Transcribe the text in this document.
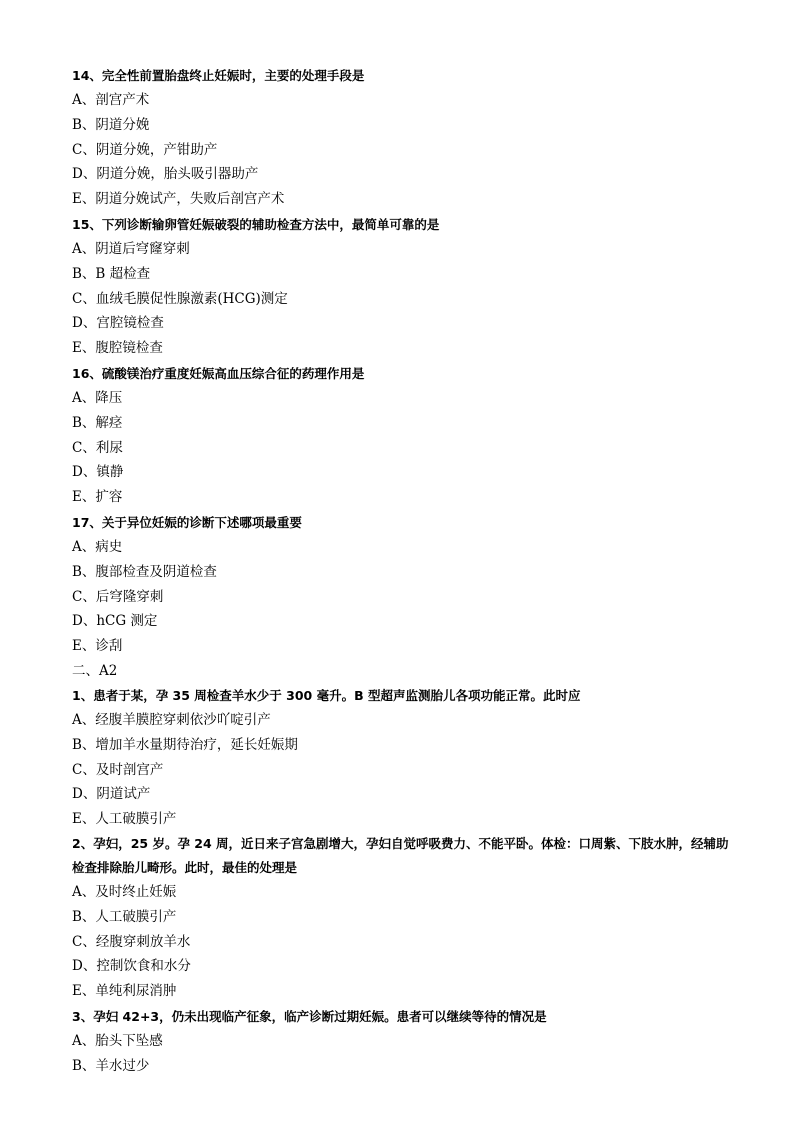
14、完全性前置胎盘终止妊娠时，主要的处理手段是

A、剖宫产术

B、阴道分娩

C、阴道分娩，产钳助产

D、阴道分娩，胎头吸引器助产

E、阴道分娩试产，失败后剖宫产术

15、下列诊断输卵管妊娠破裂的辅助检查方法中，最简单可靠的是

A、阴道后穹窿穿刺

B、B 超检查

C、血绒毛膜促性腺激素(HCG)测定

D、宫腔镜检查

E、腹腔镜检查

16、硫酸镁治疗重度妊娠高血压综合征的药理作用是

A、降压

B、解痉

C、利尿

D、镇静

E、扩容

17、关于异位妊娠的诊断下述哪项最重要

A、病史

B、腹部检查及阴道检查

C、后穹隆穿刺

D、hCG 测定

E、诊刮

二、A2

1、患者于某，孕 35 周检查羊水少于 300 毫升。B 型超声监测胎儿各项功能正常。此时应

A、经腹羊膜腔穿刺依沙吖啶引产

B、增加羊水量期待治疗，延长妊娠期

C、及时剖宫产

D、阴道试产

E、人工破膜引产

2、孕妇，25 岁。孕 24 周，近日来子宫急剧增大，孕妇自觉呼吸费力、不能平卧。体检：口周紫、下肢水肿，经辅助检查排除胎儿畸形。此时，最佳的处理是

A、及时终止妊娠

B、人工破膜引产

C、经腹穿刺放羊水

D、控制饮食和水分

E、单纯利尿消肿

3、孕妇 42+3，仍未出现临产征象，临产诊断过期妊娠。患者可以继续等待的情况是

A、胎头下坠感

B、羊水过少
